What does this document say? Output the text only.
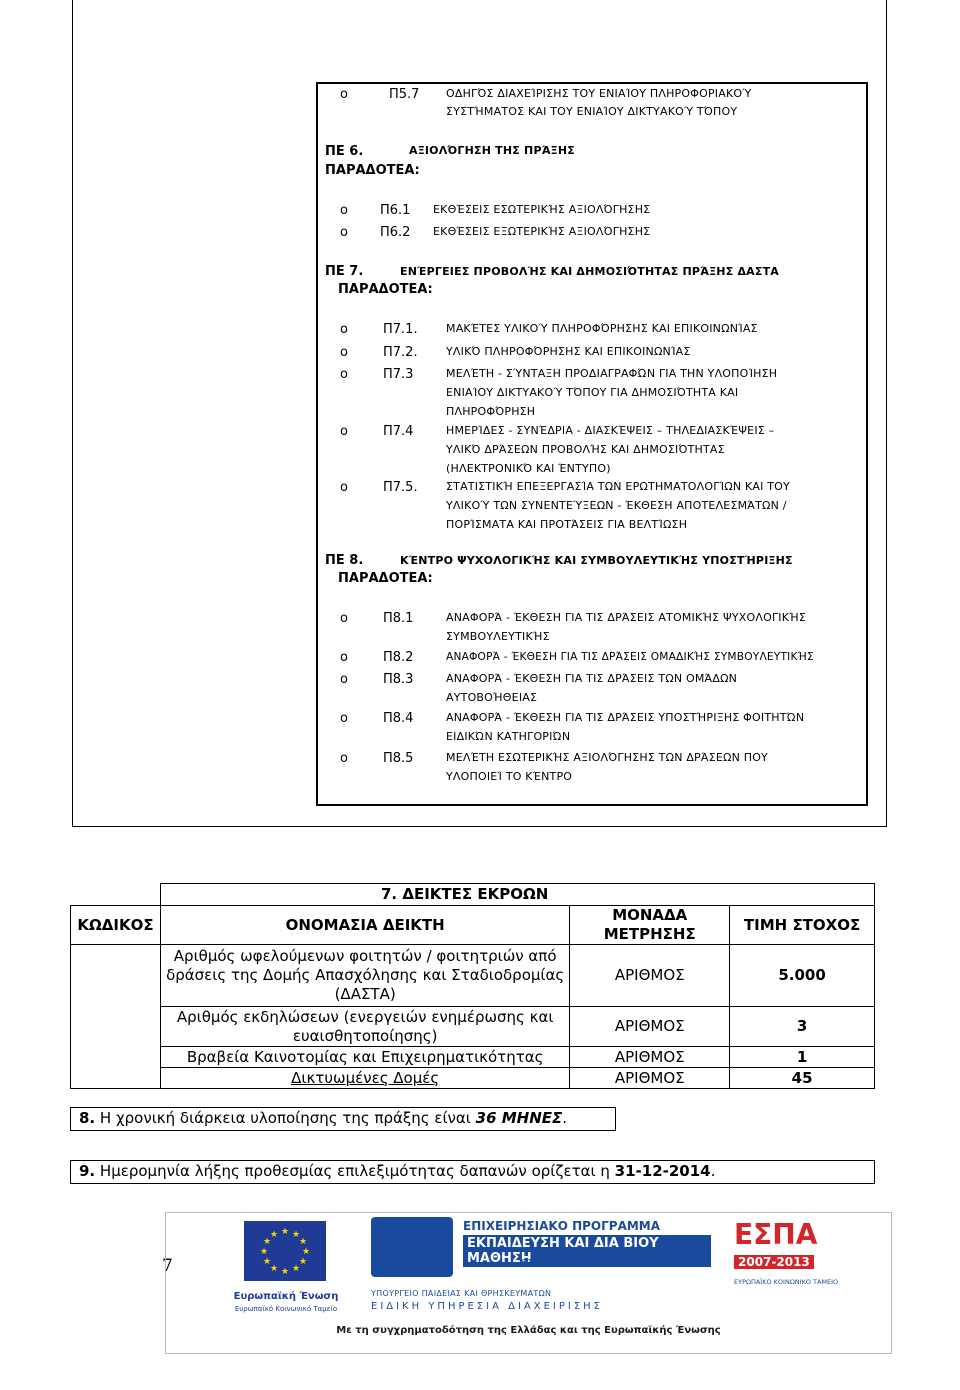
o	Π5.7 ΟΔΗΓΌΣ ΔΙΑΧΕΊΡΙΣΗΣ ΤΟΥ ΕΝΙΑΊΟΥ ΠΛΗΡΟΦΟΡΙΑΚΟΎ
ΣΥΣΤΉΜΑΤΟΣ ΚΑΙ ΤΟΥ ΕΝΙΑΊΟΥ ΔΙΚΤΥΑΚΟΎ ΤΌΠΟΥ
ΠΕ 6.	ΑΞΙΟΛΌΓΗΣΗ ΤΗΣ ΠΡΆΞΗΣ
ΠΑΡΑΔΟΤΕΑ:
o Π6.1 ΕΚΘΈΣΕΙΣ ΕΣΩΤΕΡΙΚΉΣ ΑΞΙΟΛΌΓΗΣΗΣ
o Π6.2 ΕΚΘΈΣΕΙΣ ΕΞΩΤΕΡΙΚΉΣ ΑΞΙΟΛΌΓΗΣΗΣ
ΠΕ 7.	ΕΝΈΡΓΕΙΕΣ ΠΡΟΒΟΛΉΣ ΚΑΙ ΔΗΜΟΣΙΌΤΗΤΑΣ ΠΡΆΞΗΣ ΔΑΣΤΑ
ΠΑΡΑΔΟΤΕΑ:
o	Π7.1.	ΜΑΚΈΤΕΣ ΥΛΙΚΟΎ ΠΛΗΡΟΦΌΡΗΣΗΣ ΚΑΙ ΕΠΙΚΟΙΝΩΝΊΑΣ
o	Π7.2.	ΥΛΙΚΌ ΠΛΗΡΟΦΌΡΗΣΗΣ ΚΑΙ ΕΠΙΚΟΙΝΩΝΊΑΣ
o	Π7.3	ΜΕΛΈΤΗ - ΣΎΝΤΑΞΗ ΠΡΟΔΙΑΓΡΑΦΏΝ ΓΙΑ ΤΗΝ ΥΛΟΠΟΊΗΣΗ
ΕΝΙΑΊΟΥ ΔΙΚΤΥΑΚΟΎ ΤΌΠΟΥ ΓΙΑ ΔΗΜΟΣΙΌΤΗΤΑ ΚΑΙ
ΠΛΗΡΟΦΌΡΗΣΗ
o	Π7.4	ΗΜΕΡΊΔΕΣ - ΣΥΝΈΔΡΙΑ - ΔΙΑΣΚΈΨΕΙΣ – ΤΗΛΕΔΙΑΣΚΈΨΕΙΣ –
ΥΛΙΚΌ ΔΡΆΣΕΩΝ ΠΡΟΒΟΛΉΣ ΚΑΙ ΔΗΜΟΣΙΌΤΗΤΑΣ
(ΗΛΕΚΤΡΟΝΙΚΌ ΚΑΙ ΈΝΤΥΠΟ)
o	Π7.5.	ΣΤΑΤΙΣΤΙΚΉ ΕΠΕΞΕΡΓΑΣΊΑ ΤΩΝ ΕΡΩΤΗΜΑΤΟΛΟΓΊΩΝ ΚΑΙ ΤΟΥ
ΥΛΙΚΟΎ ΤΩΝ ΣΥΝΕΝΤΕΎΞΕΩΝ - ΈΚΘΕΣΗ ΑΠΟΤΕΛΕΣΜΆΤΩΝ /
ΠΟΡΊΣΜΑΤΑ ΚΑΙ ΠΡΟΤΆΣΕΙΣ ΓΙΑ ΒΕΛΤΊΩΣΗ
ΠΕ 8.	ΚΈΝΤΡΟ ΨΥΧΟΛΟΓΙΚΉΣ ΚΑΙ ΣΥΜΒΟΥΛΕΥΤΙΚΉΣ ΥΠΟΣΤΉΡΙΞΗΣ
ΠΑΡΑΔΟΤΕΑ:
o	Π8.1	ΑΝΑΦΟΡΆ - ΈΚΘΕΣΗ ΓΙΑ ΤΙΣ ΔΡΆΣΕΙΣ ΑΤΟΜΙΚΉΣ ΨΥΧΟΛΟΓΙΚΉΣ
ΣΥΜΒΟΥΛΕΥΤΙΚΉΣ
o	Π8.2	ΑΝΑΦΟΡΆ - ΈΚΘΕΣΗ ΓΙΑ ΤΙΣ ΔΡΆΣΕΙΣ ΟΜΑΔΙΚΉΣ ΣΥΜΒΟΥΛΕΥΤΙΚΉΣ
o	Π8.3	ΑΝΑΦΟΡΆ - ΈΚΘΕΣΗ ΓΙΑ ΤΙΣ ΔΡΆΣΕΙΣ ΤΩΝ ΟΜΆΔΩΝ
ΑΥΤΟΒΟΉΘΕΙΑΣ
o	Π8.4	ΑΝΑΦΟΡΆ - ΈΚΘΕΣΗ ΓΙΑ ΤΙΣ ΔΡΆΣΕΙΣ ΥΠΟΣΤΉΡΙΞΗΣ ΦΟΙΤΗΤΏΝ
ΕΙΔΙΚΏΝ ΚΑΤΗΓΟΡΙΏΝ
o	Π8.5	ΜΕΛΈΤΗ ΕΣΩΤΕΡΙΚΉΣ ΑΞΙΟΛΌΓΗΣΗΣ ΤΩΝ ΔΡΆΣΕΩΝ ΠΟΥ
ΥΛΟΠΟΙΕΊ ΤΟ ΚΈΝΤΡΟ
	7. ΔΕΙΚΤΕΣ ΕΚΡΟΩΝ		
ΚΩΔΙΚΟΣ	ΟΝΟΜΑΣΙΑ ΔΕΙΚΤΗ	ΜΟΝΑΔΑ ΜΕΤΡΗΣΗΣ	ΤΙΜΗ ΣΤΟΧΟΣ
	Αριθμός ωφελούμενων φοιτητών / φοιτητριών από δράσεις της Δομής Απασχόλησης και Σταδιοδρομίας (ΔΑΣΤΑ)	ΑΡΙΘΜΟΣ	5.000
	Αριθμός εκδηλώσεων (ενεργειών ενημέρωσης και ευαισθητοποίησης)	ΑΡΙΘΜΟΣ	3
	Βραβεία Καινοτομίας και Επιχειρηματικότητας	ΑΡΙΘΜΟΣ	1
	Δικτυωμένες Δομές	ΑΡΙΘΜΟΣ	45
8. Η χρονική διάρκεια υλοποίησης της πράξης είναι 36 ΜΗΝΕΣ.
9. Ημερομηνία λήξης προθεσμίας επιλεξιμότητας δαπανών ορίζεται η 31-12-2014.
7
★ ★
★
★
★
★
★
★
★
★
★
★
Ευρωπαϊκή Ένωση
Ευρωπαϊκό Κοινωνικό Ταμείο
ΕΠΙΧΕΙΡΗΣΙΑΚΟ ΠΡΟΓΡΑΜΜΑ
ΕΚΠΑΙΔΕΥΣΗ ΚΑΙ ΔΙΑ ΒΙΟΥ ΜΑΘΗΣΗ
επένδυση στην κοινωνία της γνώσης
ΥΠΟΥΡΓΕΙΟ ΠΑΙΔΕΙΑΣ ΚΑΙ ΘΡΗΣΚΕΥΜΑΤΩΝ
ΕΙΔΙΚΗ ΥΠΗΡΕΣΙΑ ΔΙΑΧΕΙΡΙΣΗΣ
ΕΣΠΑ
2007-2013
ΕΥΡΩΠΑΪΚΟ ΚΟΙΝΩΝΙΚΟ ΤΑΜΕΙΟ
Με τη συγχρηματοδότηση της Ελλάδας και της Ευρωπαϊκής Ένωσης
